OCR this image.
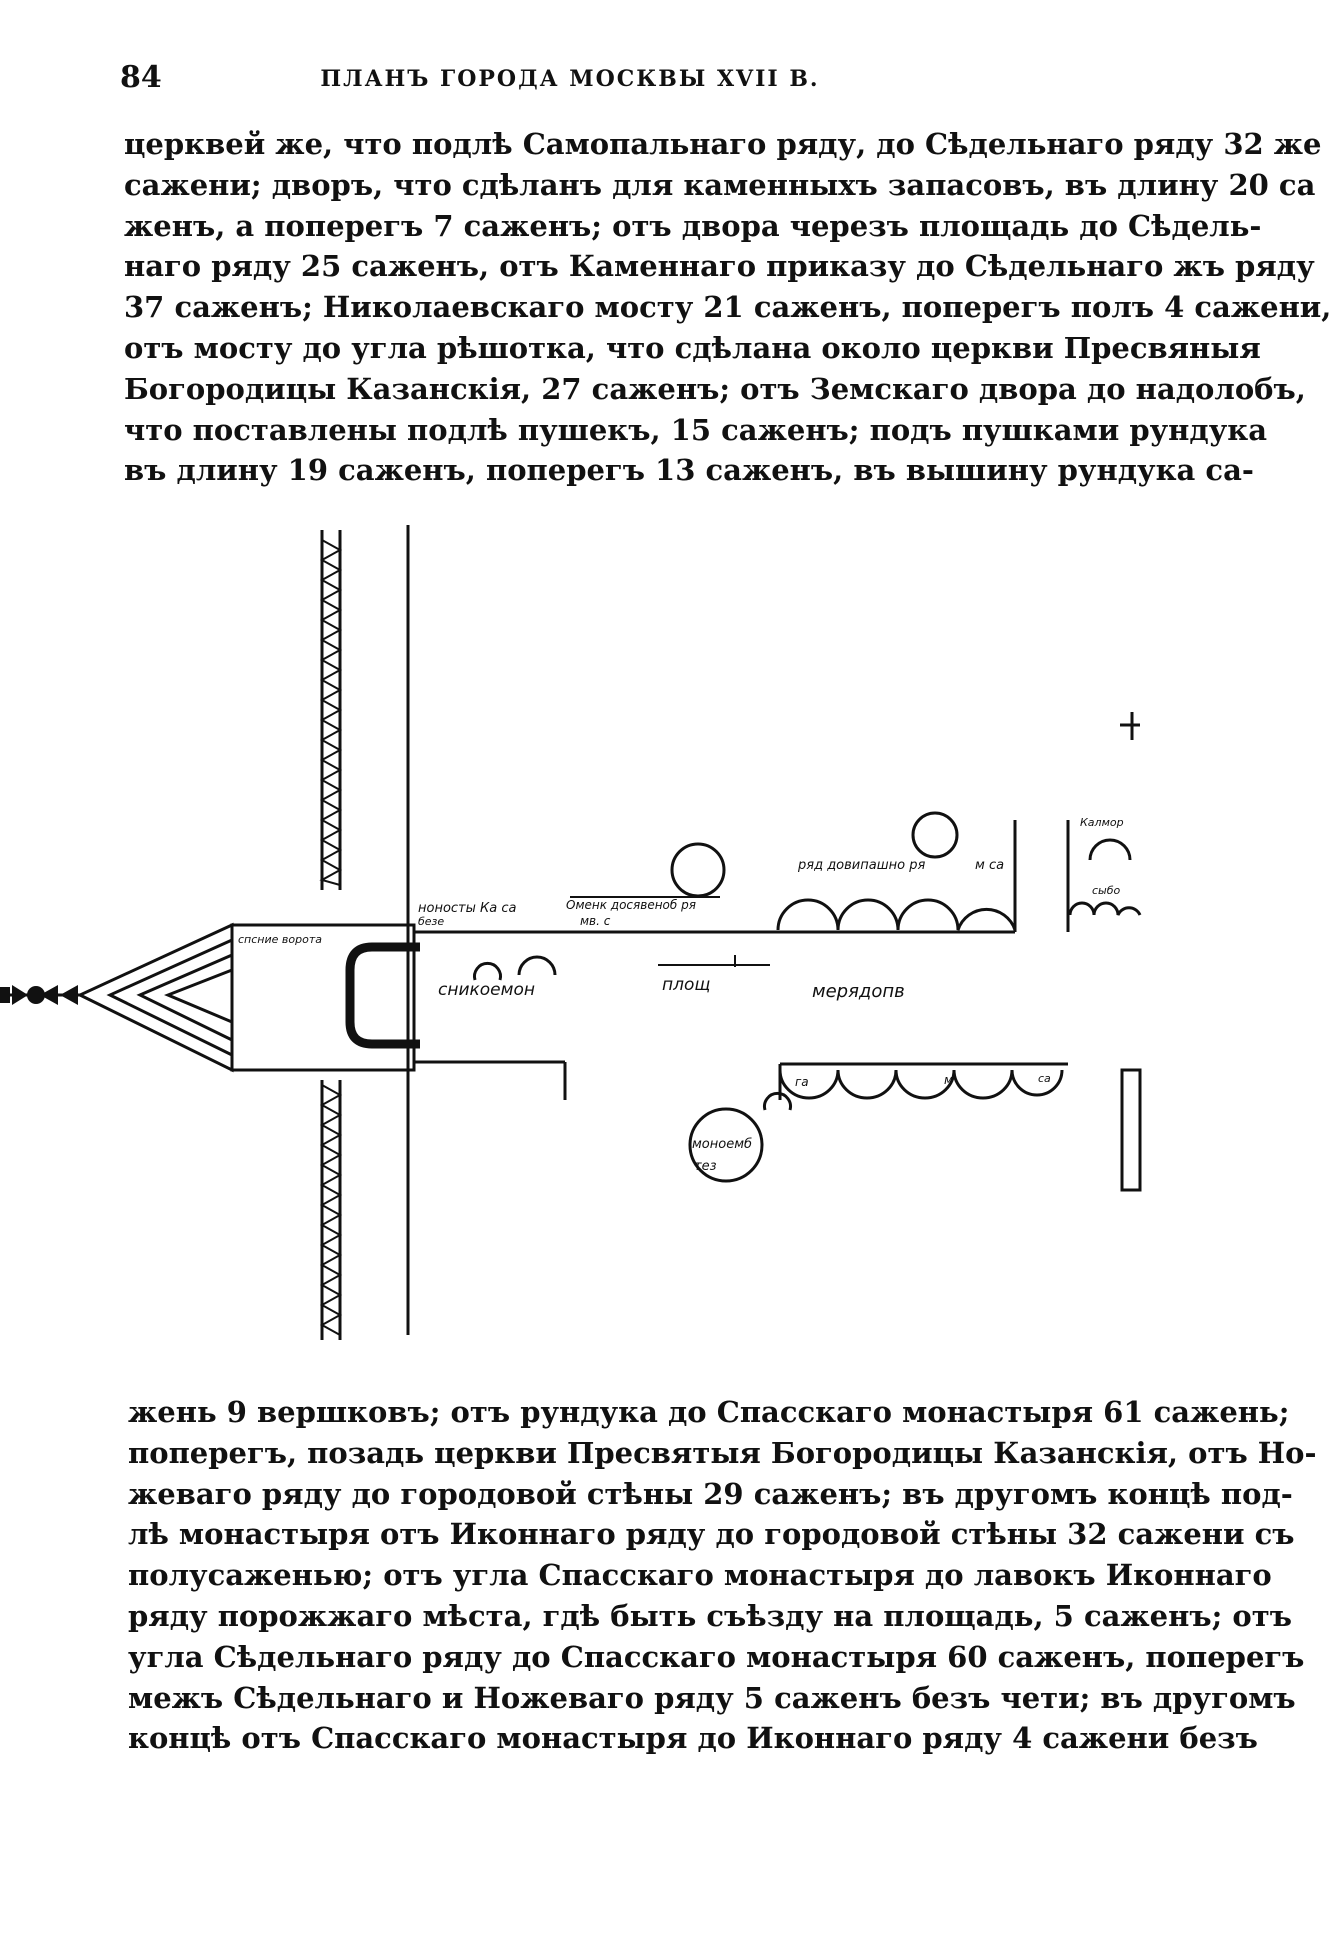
84	ПЛАНЪ ГОРОДА МОСКВЫ XVII В.
церквей же, что подлѣ Самопальнаго ряду, до Сѣдельнаго ряду 32 же
сажени; дворъ, что сдѣланъ для каменныхъ запасовъ, въ длину 20 са
женъ, а поперегъ 7 саженъ; отъ двора черезъ площадь до Сѣдель-
наго ряду 25 саженъ, отъ Каменнаго приказу до Сѣдельнаго жъ ряду
37 саженъ; Николаевскаго мосту 21 саженъ, поперегъ полъ 4 сажени,
отъ мосту до угла рѣшотка, что сдѣлана около церкви Пресвяныя
Богородицы Казанскія, 27 саженъ; отъ Земскаго двора до надолобъ,
что поставлены подлѣ пушекъ, 15 саженъ; подъ пушками рундука
въ длину 19 саженъ, поперегъ 13 саженъ, въ вышину рундука са-
спсние ворота
ноносты Ка са
безе
сникоемон
Оменк досявеноб ря
мв. с
ряд довипашно ря	м са
Калмор
сыбо
площ	мерядопв
моноемб
тез
га	м	са
жень 9 вершковъ; отъ рундука до Спасскаго монастыря 61 сажень;
поперегъ, позадь церкви Пресвятыя Богородицы Казанскія, отъ Но-
жеваго ряду до городовой стѣны 29 саженъ; въ другомъ концѣ под-
лѣ монастыря отъ Иконнаго ряду до городовой стѣны 32 сажени съ
полусаженью; отъ угла Спасскаго монастыря до лавокъ Иконнаго
ряду порожжаго мѣста, гдѣ быть съѣзду на площадь, 5 саженъ; отъ
угла Сѣдельнаго ряду до Спасскаго монастыря 60 саженъ, поперегъ
межъ Сѣдельнаго и Ножеваго ряду 5 саженъ безъ чети; въ другомъ
концѣ отъ Спасскаго монастыря до Иконнаго ряду 4 сажени безъ
